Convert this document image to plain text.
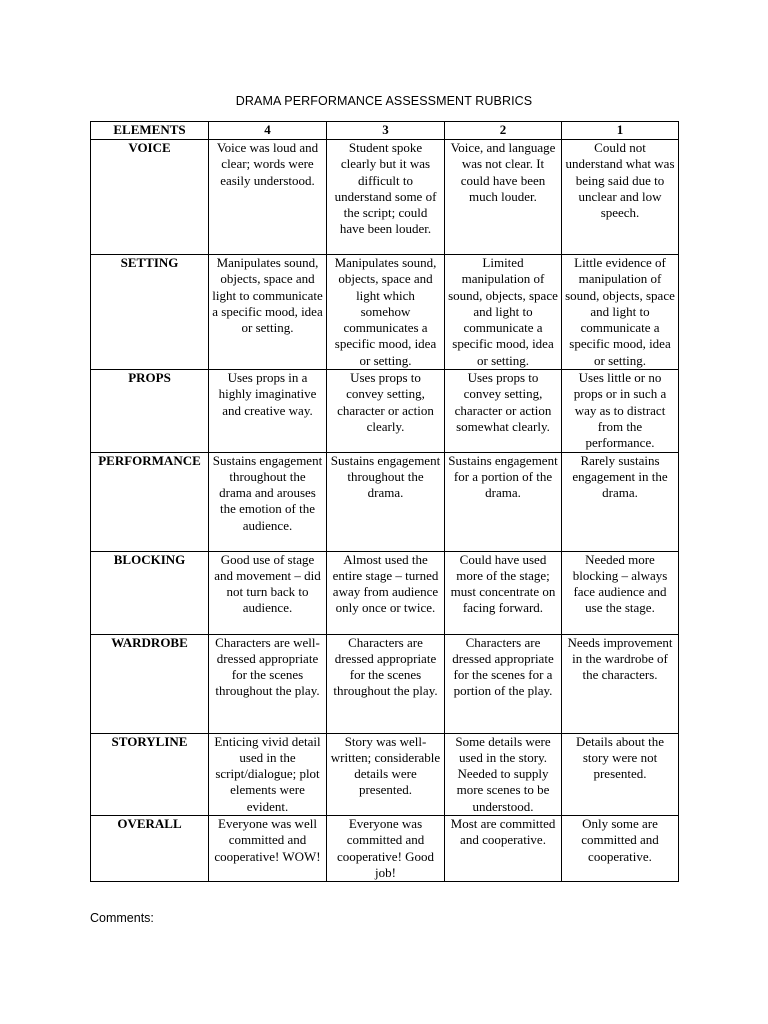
DRAMA PERFORMANCE ASSESSMENT RUBRICS
ELEMENTS	4	3	2	1
VOICE	Voice was loud and clear; words were easily understood.	Student spoke clearly but it was difficult to understand some of the script; could have been louder.	Voice, and language was not clear. It could have been much louder.	Could not understand what was being said due to unclear and low speech.
SETTING	Manipulates sound, objects, space and light to communicate a specific mood, idea or setting.	Manipulates sound, objects, space and light which somehow communicates a specific mood, idea or setting.	Limited manipulation of sound, objects, space and light to communicate a specific mood, idea or setting.	Little evidence of manipulation of sound, objects, space and light to communicate a specific mood, idea or setting.
PROPS	Uses props in a highly imaginative and creative way.	Uses props to convey setting, character or action clearly.	Uses props to convey setting, character or action somewhat clearly.	Uses little or no props or in such a way as to distract from the performance.
PERFORMANCE	Sustains engagement throughout the drama and arouses the emotion of the audience.	Sustains engagement throughout the drama.	Sustains engagement for a portion of the drama.	Rarely sustains engagement in the drama.
BLOCKING	Good use of stage and movement – did not turn back to audience.	Almost used the entire stage – turned away from audience only once or twice.	Could have used more of the stage; must concentrate on facing forward.	Needed more blocking – always face audience and use the stage.
WARDROBE	Characters are well-dressed appropriate for the scenes throughout the play.	Characters are dressed appropriate for the scenes throughout the play.	Characters are dressed appropriate for the scenes for a portion of the play.	Needs improvement in the wardrobe of the characters.
STORYLINE	Enticing vivid detail used in the script/dialogue; plot elements were evident.	Story was well-written; considerable details were presented.	Some details were used in the story. Needed to supply more scenes to be understood.	Details about the story were not presented.
OVERALL	Everyone was well committed and cooperative! WOW!	Everyone was committed and cooperative! Good job!	Most are committed and cooperative.	Only some are committed and cooperative.
Comments:
